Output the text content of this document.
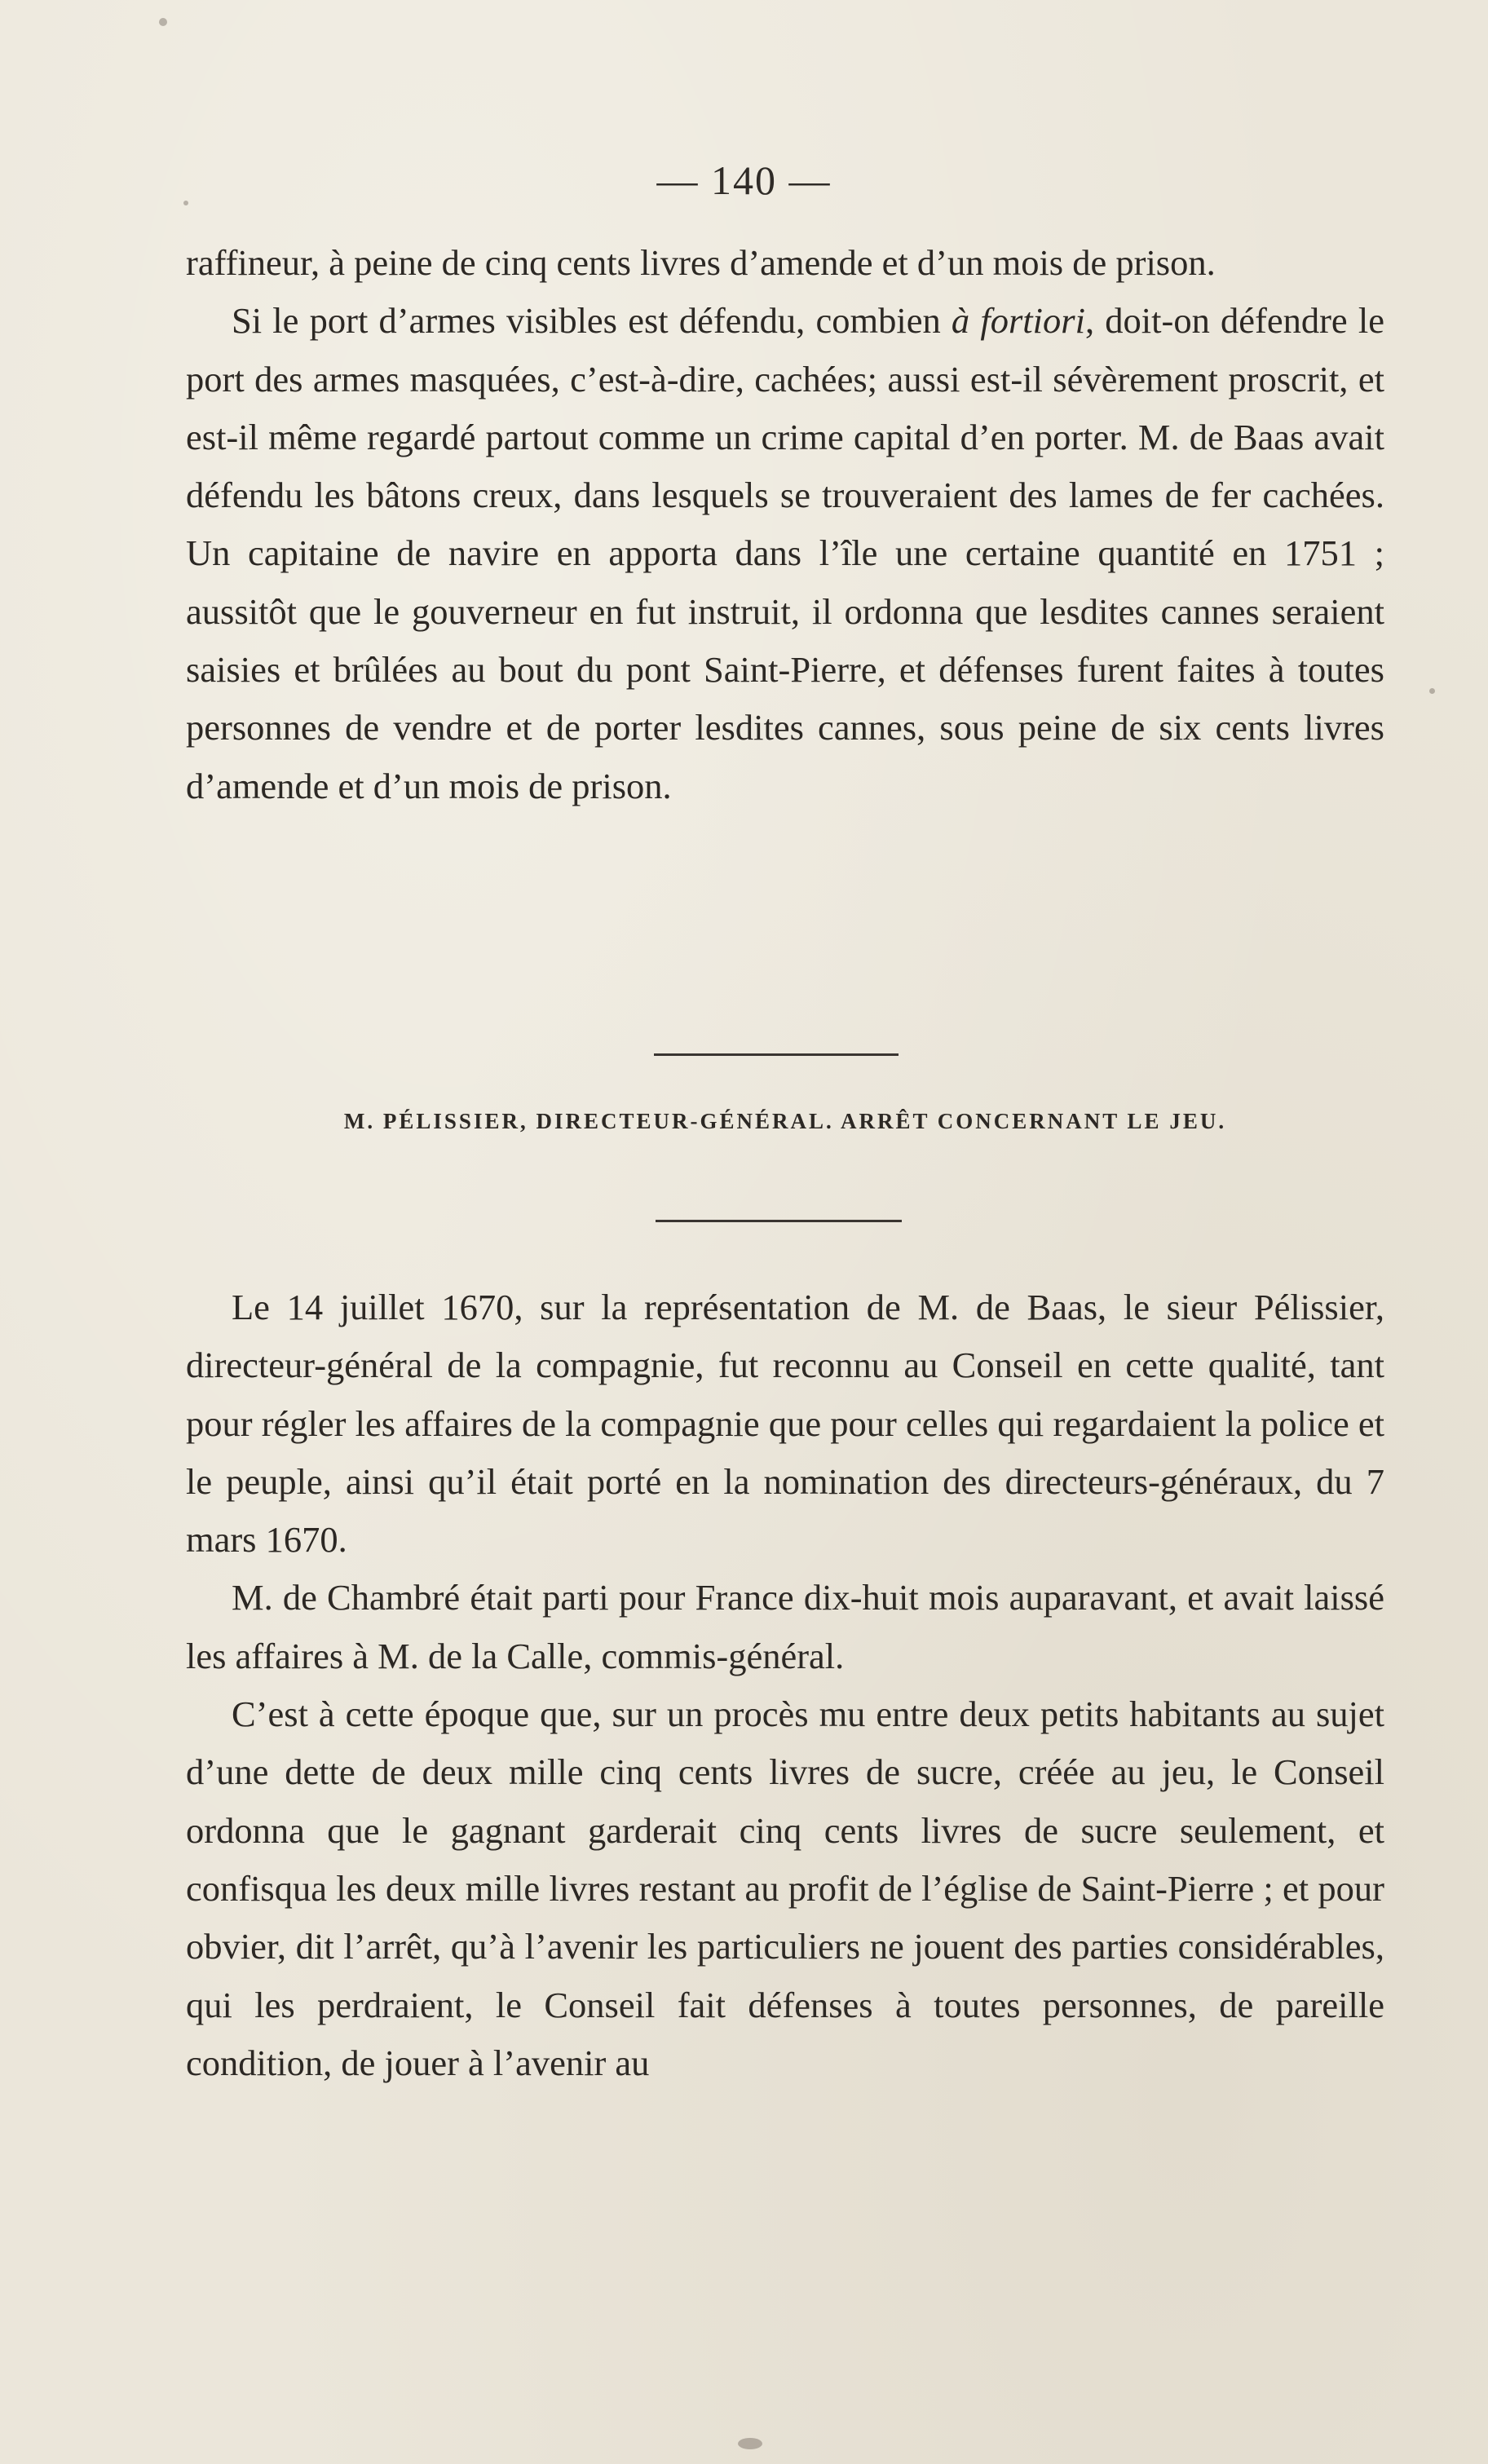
— 140 —

raffineur, à peine de cinq cents livres d’amende et d’un mois de prison.

Si le port d’armes visibles est défendu, combien à fortiori, doit-on défendre le port des armes masquées, c’est-à-dire, cachées; aussi est-il sévèrement proscrit, et est-il même regardé partout comme un crime capital d’en porter. M. de Baas avait défendu les bâtons creux, dans lesquels se trouveraient des lames de fer cachées. Un capitaine de navire en apporta dans l’île une certaine quantité en 1751 ; aussitôt que le gouverneur en fut instruit, il ordonna que lesdites cannes seraient saisies et brûlées au bout du pont Saint-Pierre, et défenses furent faites à toutes personnes de vendre et de porter lesdites cannes, sous peine de six cents livres d’amende et d’un mois de prison.

M. PÉLISSIER, DIRECTEUR-GÉNÉRAL. ARRÊT CONCERNANT LE JEU.

Le 14 juillet 1670, sur la représentation de M. de Baas, le sieur Pélissier, directeur-général de la compagnie, fut reconnu au Conseil en cette qualité, tant pour régler les affaires de la compagnie que pour celles qui regardaient la police et le peuple, ainsi qu’il était porté en la nomination des directeurs-généraux, du 7 mars 1670.

M. de Chambré était parti pour France dix-huit mois auparavant, et avait laissé les affaires à M. de la Calle, commis-général.

C’est à cette époque que, sur un procès mu entre deux petits habitants au sujet d’une dette de deux mille cinq cents livres de sucre, créée au jeu, le Conseil ordonna que le gagnant garderait cinq cents livres de sucre seulement, et confisqua les deux mille livres restant au profit de l’église de Saint-Pierre ; et pour obvier, dit l’arrêt, qu’à l’avenir les particuliers ne jouent des parties considérables, qui les perdraient, le Conseil fait défenses à toutes personnes, de pareille condition, de jouer à l’avenir au
